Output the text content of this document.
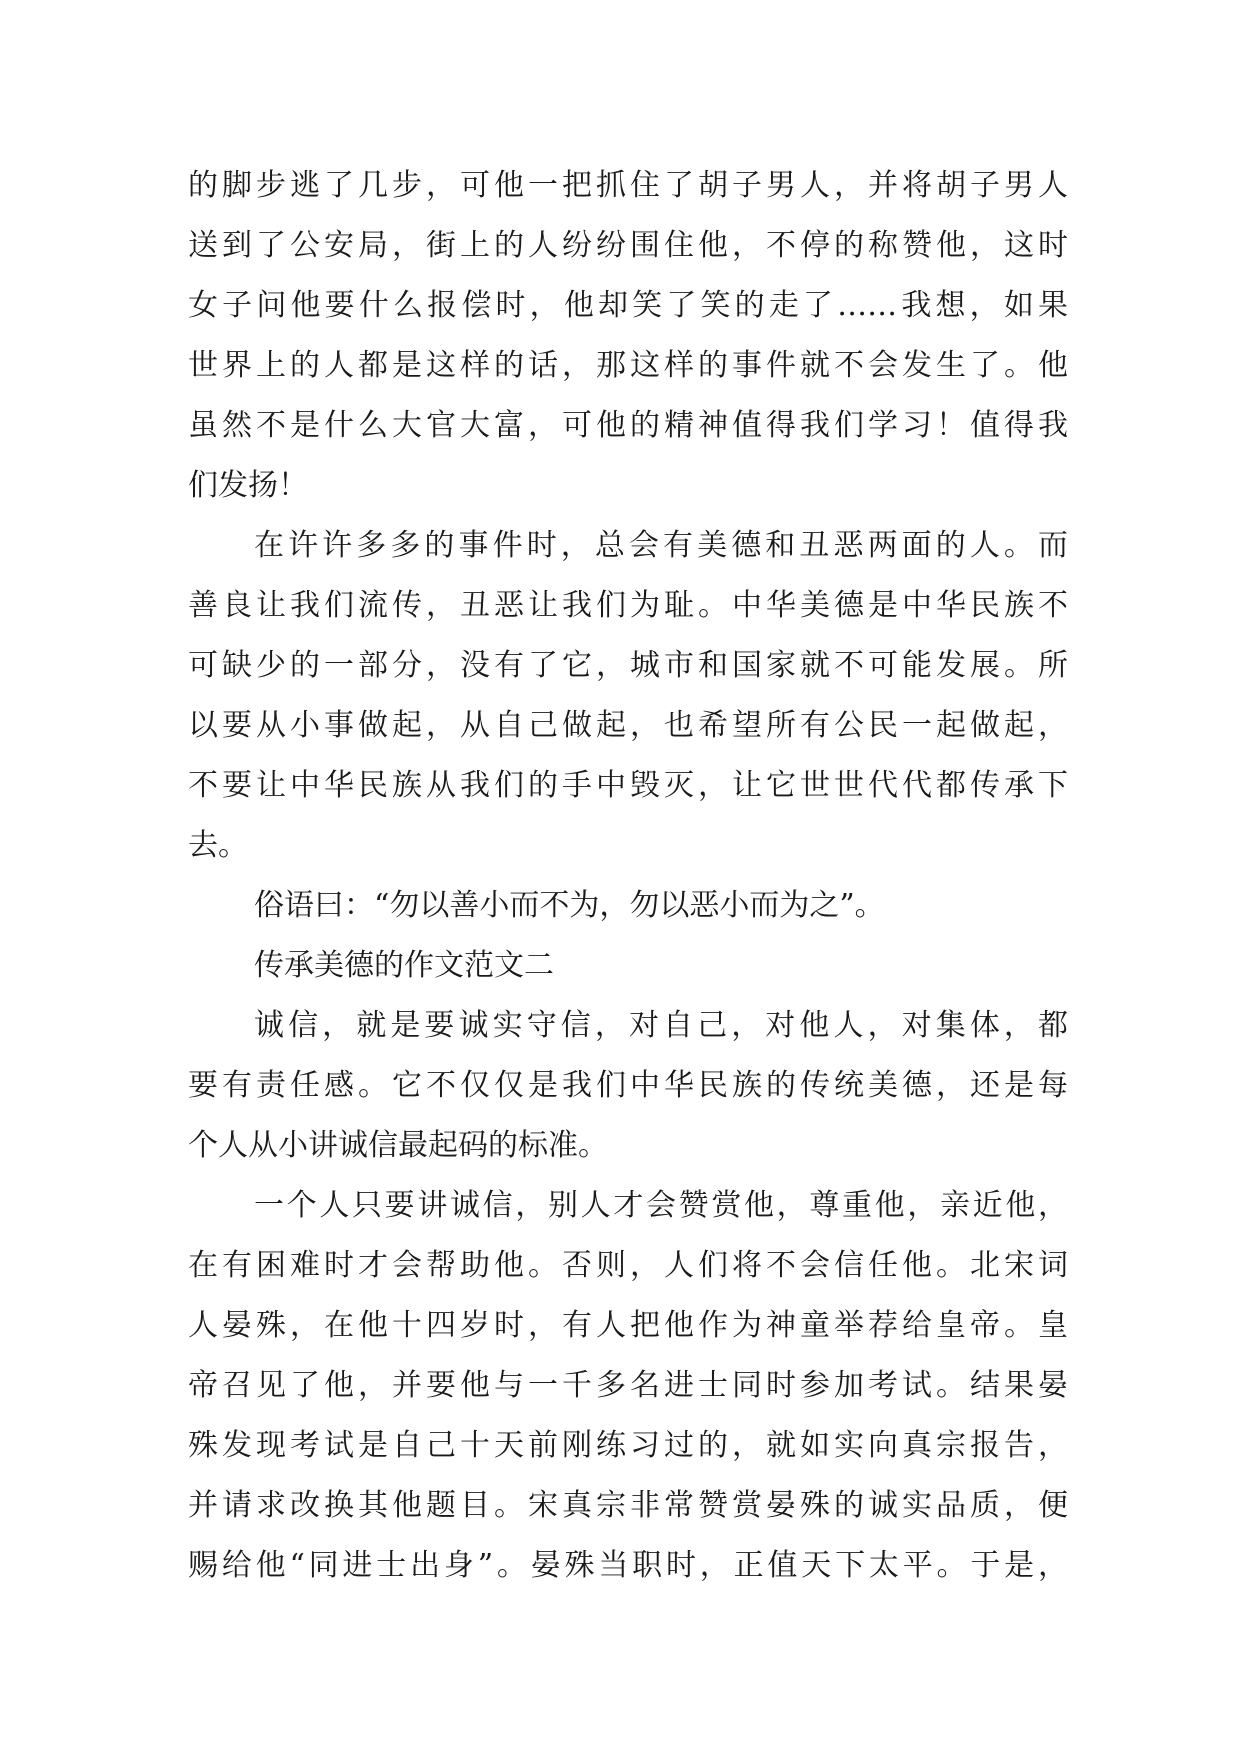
的脚步逃了几步，可他一把抓住了胡子男人，并将胡子男人
送到了公安局，街上的人纷纷围住他，不停的称赞他，这时
女子问他要什么报偿时，他却笑了笑的走了……我想，如果
世界上的人都是这样的话，那这样的事件就不会发生了。他
虽然不是什么大官大富，可他的精神值得我们学习！值得我
们发扬！
在许许多多的事件时，总会有美德和丑恶两面的人。而
善良让我们流传，丑恶让我们为耻。中华美德是中华民族不
可缺少的一部分，没有了它，城市和国家就不可能发展。所
以要从小事做起，从自己做起，也希望所有公民一起做起，
不要让中华民族从我们的手中毁灭，让它世世代代都传承下
去。
俗语曰：“勿以善小而不为，勿以恶小而为之”。
传承美德的作文范文二
诚信，就是要诚实守信，对自己，对他人，对集体，都
要有责任感。它不仅仅是我们中华民族的传统美德，还是每
个人从小讲诚信最起码的标准。
一个人只要讲诚信，别人才会赞赏他，尊重他，亲近他，
在有困难时才会帮助他。否则，人们将不会信任他。北宋词
人晏殊，在他十四岁时，有人把他作为神童举荐给皇帝。皇
帝召见了他，并要他与一千多名进士同时参加考试。结果晏
殊发现考试是自己十天前刚练习过的，就如实向真宗报告，
并请求改换其他题目。宋真宗非常赞赏晏殊的诚实品质，便
赐给他“同进士出身”。晏殊当职时，正值天下太平。于是，
